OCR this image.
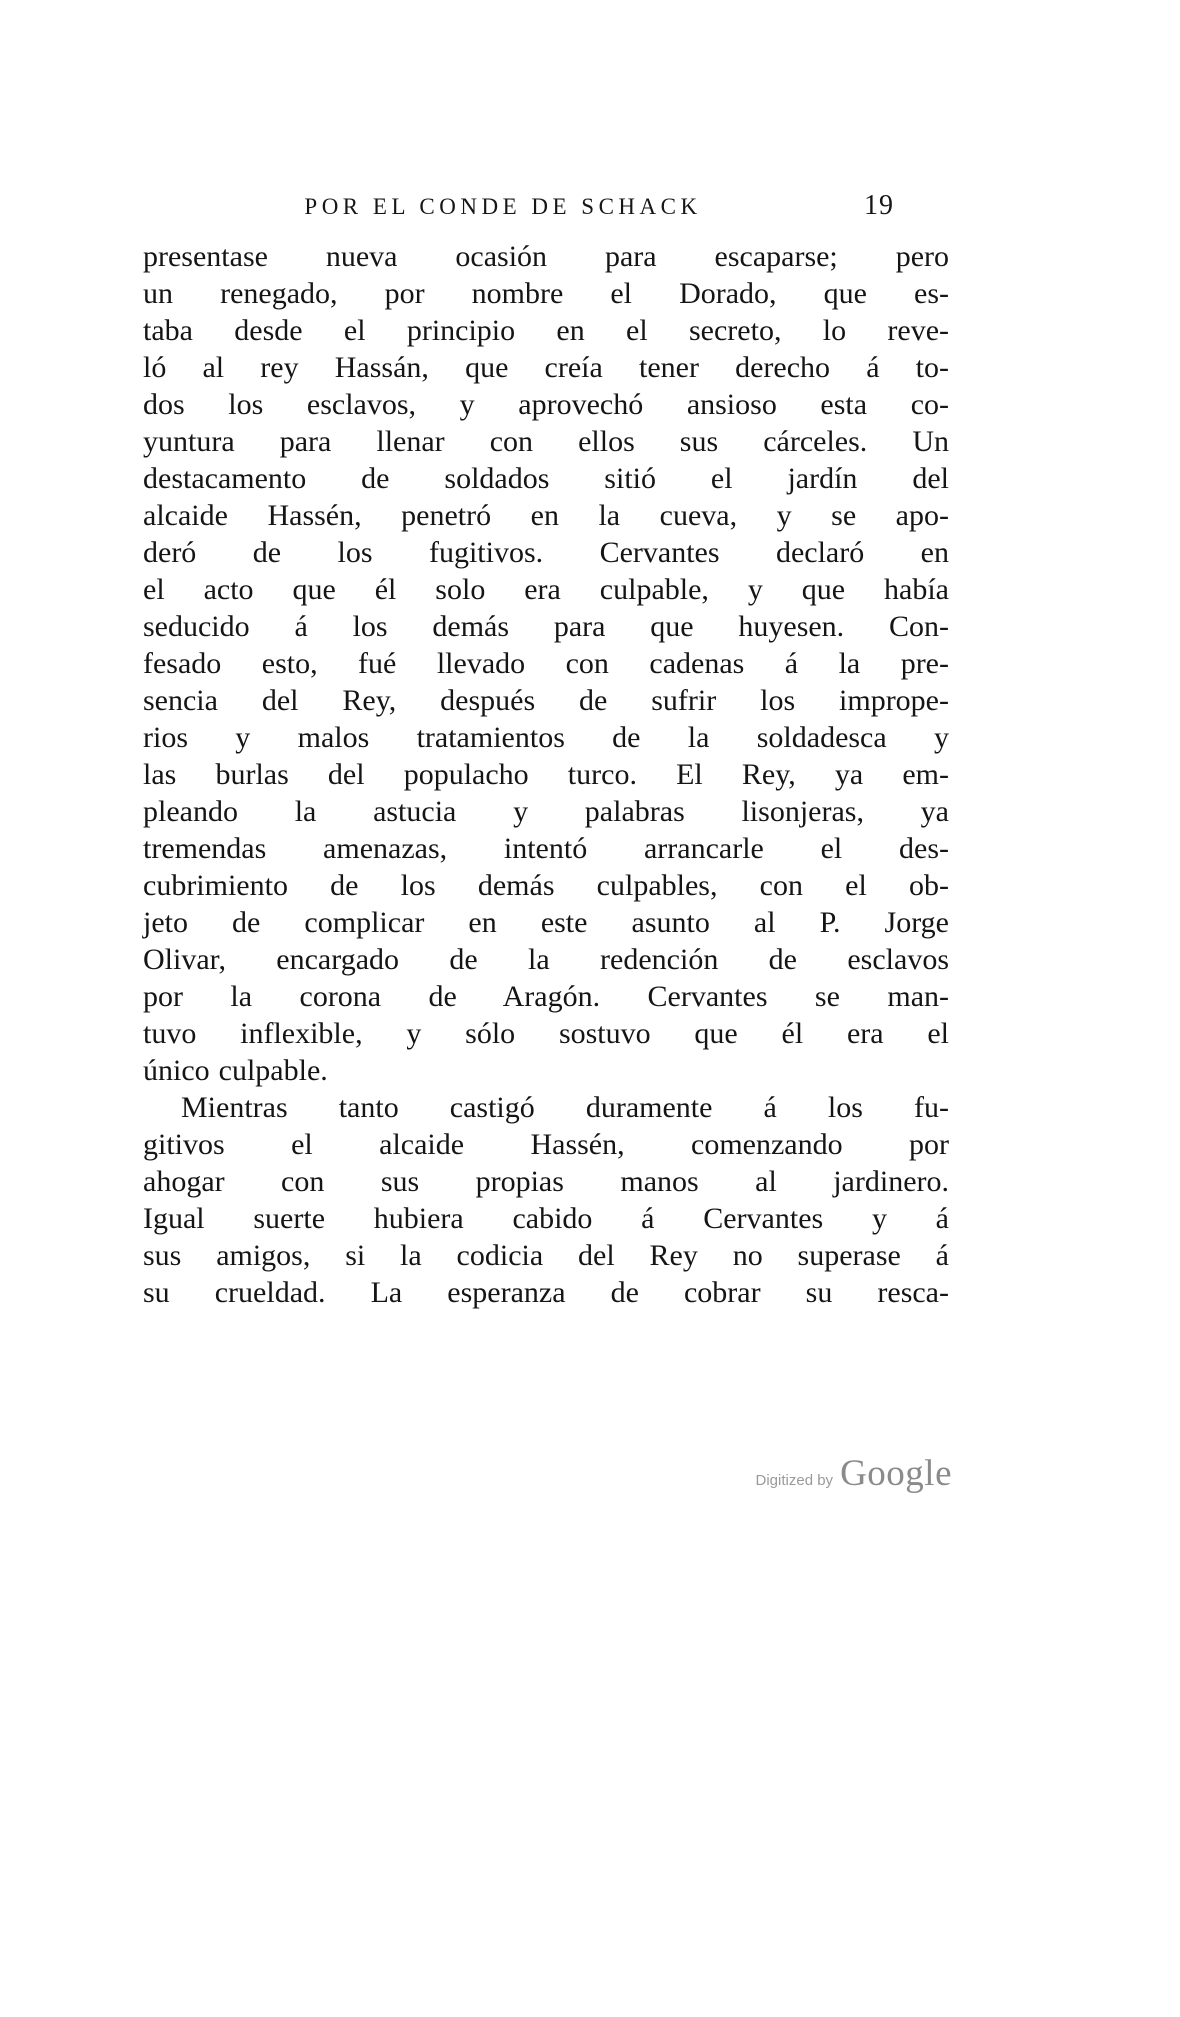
POR EL CONDE DE SCHACK	19
presentase nueva ocasión para escaparse; pero
un renegado, por nombre el Dorado, que es-
taba desde el principio en el secreto, lo reve-
ló al rey Hassán, que creía tener derecho á to-
dos los esclavos, y aprovechó ansioso esta co-
yuntura para llenar con ellos sus cárceles. Un
destacamento de soldados sitió el jardín del
alcaide Hassén, penetró en la cueva, y se apo-
deró de los fugitivos. Cervantes declaró en
el acto que él solo era culpable, y que había
seducido á los demás para que huyesen. Con-
fesado esto, fué llevado con cadenas á la pre-
sencia del Rey, después de sufrir los imprope-
rios y malos tratamientos de la soldadesca y
las burlas del populacho turco. El Rey, ya em-
pleando la astucia y palabras lisonjeras, ya
tremendas amenazas, intentó arrancarle el des-
cubrimiento de los demás culpables, con el ob-
jeto de complicar en este asunto al P. Jorge
Olivar, encargado de la redención de esclavos
por la corona de Aragón. Cervantes se man-
tuvo inflexible, y sólo sostuvo que él era el
único culpable.
Mientras tanto castigó duramente á los fu-
gitivos el alcaide Hassén, comenzando por
ahogar con sus propias manos al jardinero.
Igual suerte hubiera cabido á Cervantes y á
sus amigos, si la codicia del Rey no superase á
su crueldad. La esperanza de cobrar su resca-
Digitized by Google
